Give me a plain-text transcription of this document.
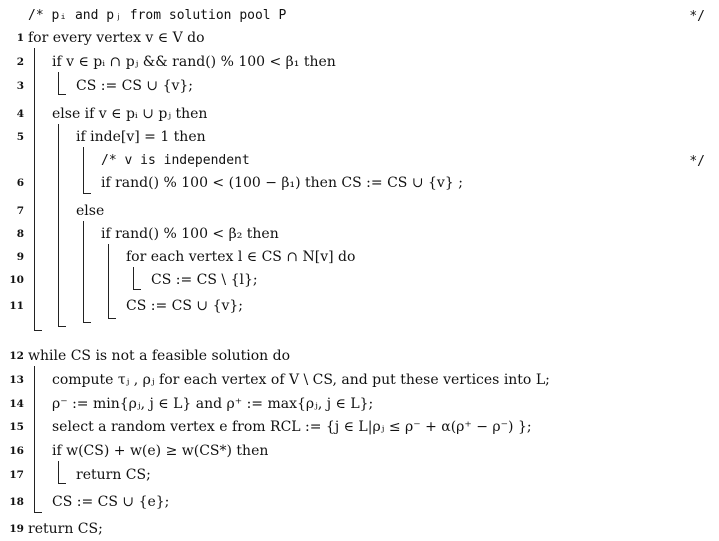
/* pᵢ and pⱼ from solution pool P	*/
1 for every vertex v ∈ V do
2 if v ∈ pᵢ ∩ pⱼ && rand() % 100 < β₁ then
3	CS := CS ∪ {v};
4 else if v ∈ pᵢ ∪ pⱼ then
5	if inde[v] = 1 then
/* v is independent	*/
6	if rand() % 100 < (100 − β₁) then CS := CS ∪ {v} ;
7	else
8	if rand() % 100 < β₂ then
9	for each vertex l ∈ CS ∩ N[v] do
10	CS := CS \ {l};
11	CS := CS ∪ {v};
12 while CS is not a feasible solution do
13 compute τⱼ , ρⱼ for each vertex of V \ CS, and put these vertices into L;
14 ρ⁻ := min{ρⱼ, j ∈ L} and ρ⁺ := max{ρⱼ, j ∈ L};
15 select a random vertex e from RCL := {j ∈ L|ρⱼ ≤ ρ⁻ + α(ρ⁺ − ρ⁻) };
16 if w(CS) + w(e) ≥ w(CS*) then
17	return CS;
18 CS := CS ∪ {e};
19 return CS;
